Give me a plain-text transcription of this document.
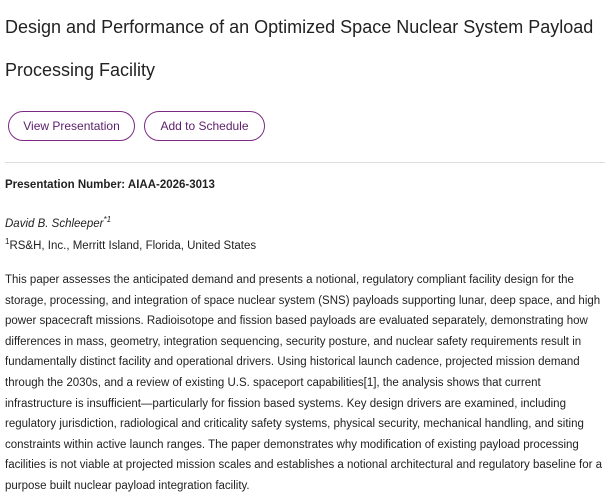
Design and Performance of an Optimized Space Nuclear System Payload Processing Facility
View Presentation	Add to Schedule

Presentation Number: AIAA-2026-3013

David B. Schleeper$^{*1}$
$^1$RS&H, Inc., Merritt Island, Florida, United States

This paper assesses the anticipated demand and presents a notional, regulatory compliant facility design for the storage, processing, and integration of space nuclear system (SNS) payloads supporting lunar, deep space, and high power spacecraft missions. Radioisotope and fission based payloads are evaluated separately, demonstrating how differences in mass, geometry, integration sequencing, security posture, and nuclear safety requirements result in fundamentally distinct facility and operational drivers. Using historical launch cadence, projected mission demand through the 2030s, and a review of existing U.S. spaceport capabilities[1], the analysis shows that current infrastructure is insufficient—particularly for fission based systems. Key design drivers are examined, including regulatory jurisdiction, radiological and criticality safety systems, physical security, mechanical handling, and siting constraints within active launch ranges. The paper demonstrates why modification of existing payload processing facilities is not viable at projected mission scales and establishes a notional architectural and regulatory baseline for a purpose built nuclear payload integration facility.
